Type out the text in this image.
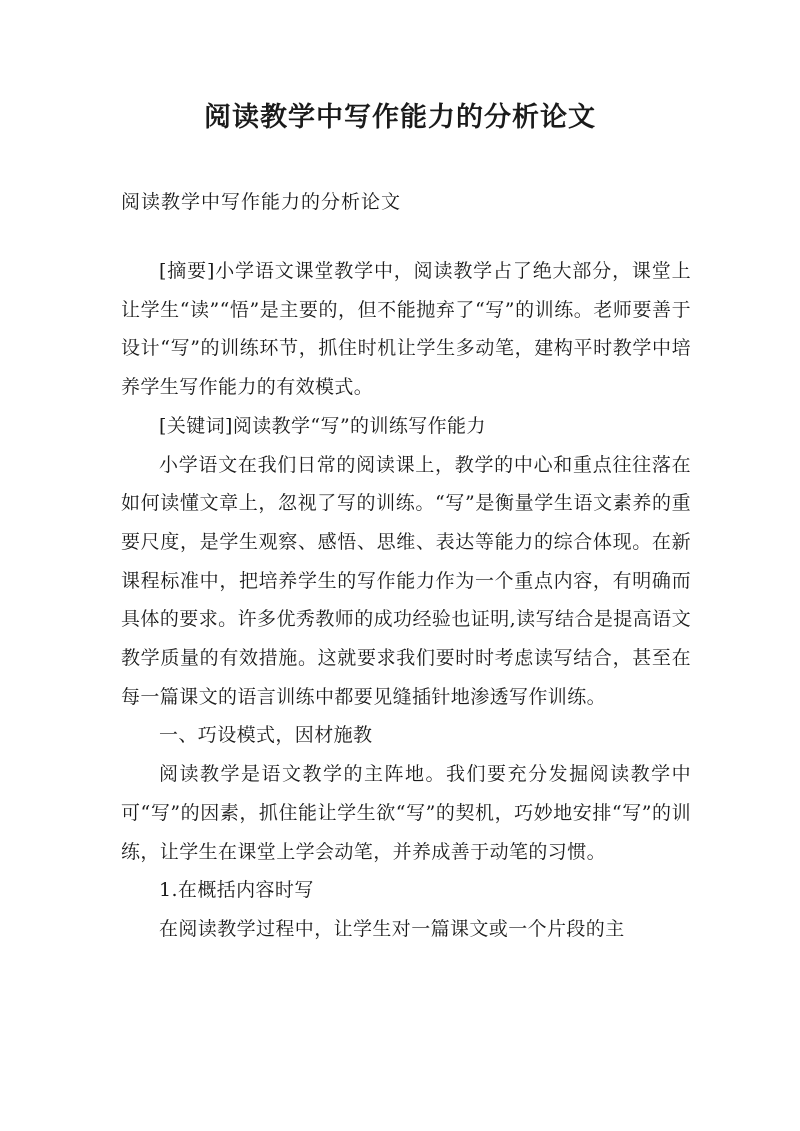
阅读教学中写作能力的分析论文

阅读教学中写作能力的分析论文

[摘要]小学语文课堂教学中，阅读教学占了绝大部分，课堂上让学生“读”“悟”是主要的，但不能抛弃了“写”的训练。老师要善于设计“写”的训练环节，抓住时机让学生多动笔，建构平时教学中培养学生写作能力的有效模式。

[关键词]阅读教学“写”的训练写作能力

小学语文在我们日常的阅读课上，教学的中心和重点往往落在如何读懂文章上，忽视了写的训练。“写”是衡量学生语文素养的重要尺度，是学生观察、感悟、思维、表达等能力的综合体现。在新课程标准中，把培养学生的写作能力作为一个重点内容，有明确而具体的要求。许多优秀教师的成功经验也证明,读写结合是提高语文教学质量的有效措施。这就要求我们要时时考虑读写结合，甚至在每一篇课文的语言训练中都要见缝插针地渗透写作训练。

一、巧设模式，因材施教

阅读教学是语文教学的主阵地。我们要充分发掘阅读教学中可“写”的因素，抓住能让学生欲“写”的契机，巧妙地安排“写”的训练，让学生在课堂上学会动笔，并养成善于动笔的习惯。

1.在概括内容时写

在阅读教学过程中，让学生对一篇课文或一个片段的主
